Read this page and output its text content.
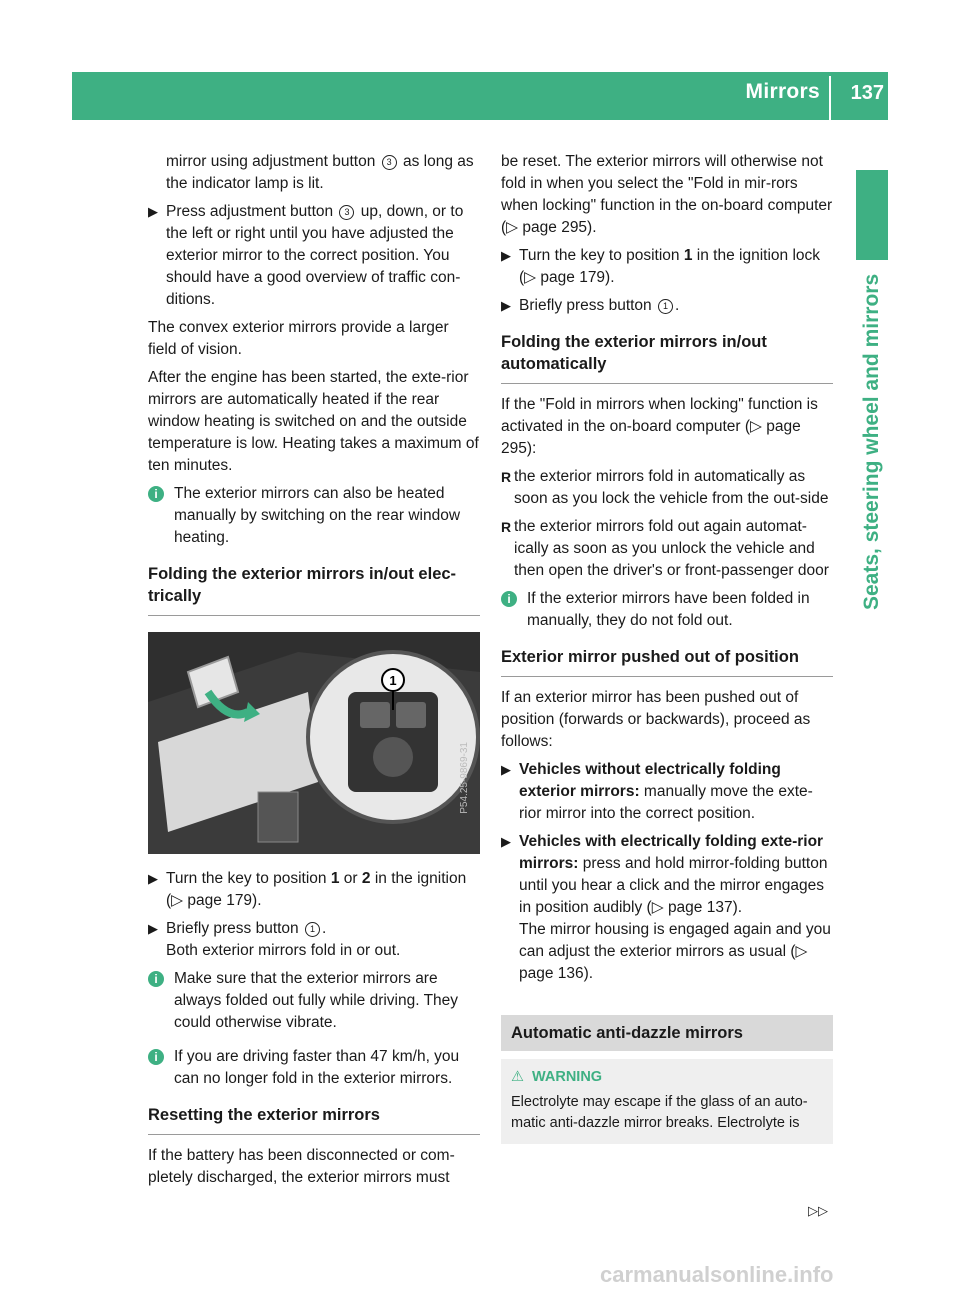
Mirrors 137
Seats, steering wheel and mirrors

mirror using adjustment button 3 as long as the indicator lamp is lit.

▶ Press adjustment button 3 up, down, or to the left or right until you have adjusted the exterior mirror to the correct position. You should have a good overview of traffic con-ditions.

The convex exterior mirrors provide a larger field of vision.

After the engine has been started, the exte-rior mirrors are automatically heated if the rear window heating is switched on and the outside temperature is low. Heating takes a maximum of ten minutes.

i	The exterior mirrors can also be heated manually by switching on the rear window heating.
Folding the exterior mirrors in/out elec-trically
1
P54.25-9869-31
▶ Turn the key to position 1 or 2 in the ignition (▷ page 179).
▶ Briefly press button 1 .
Both exterior mirrors fold in or out.
i	Make sure that the exterior mirrors are always folded out fully while driving. They could otherwise vibrate.
i	If you are driving faster than 47 km/h, you can no longer fold in the exterior mirrors.
Resetting the exterior mirrors

If the battery has been disconnected or com-pletely discharged, the exterior mirrors must

be reset. The exterior mirrors will otherwise not fold in when you select the "Fold in mir-rors when locking" function in the on-board computer (▷ page 295).

▶ Turn the key to position 1 in the ignition lock (▷ page 179).
▶ Briefly press button 1 .
Folding the exterior mirrors in/out automatically

If the "Fold in mirrors when locking" function is activated in the on-board computer (▷ page 295):

R the exterior mirrors fold in automatically as soon as you lock the vehicle from the out-side
R the exterior mirrors fold out again automat-ically as soon as you unlock the vehicle and then open the driver's or front-passenger door
i	If the exterior mirrors have been folded in manually, they do not fold out.
Exterior mirror pushed out of position

If an exterior mirror has been pushed out of position (forwards or backwards), proceed as follows:

▶ Vehicles without electrically folding exterior mirrors: manually move the exte-rior mirror into the correct position.
▶ Vehicles with electrically folding exte-rior mirrors: press and hold mirror-folding button until you hear a click and the mirror engages in position audibly (▷ page 137).
The mirror housing is engaged again and you can adjust the exterior mirrors as usual (▷ page 136).
Automatic anti-dazzle mirrors
⚠ WARNING
Electrolyte may escape if the glass of an auto-matic anti-dazzle mirror breaks. Electrolyte is
▷▷
carmanualsonline.info
